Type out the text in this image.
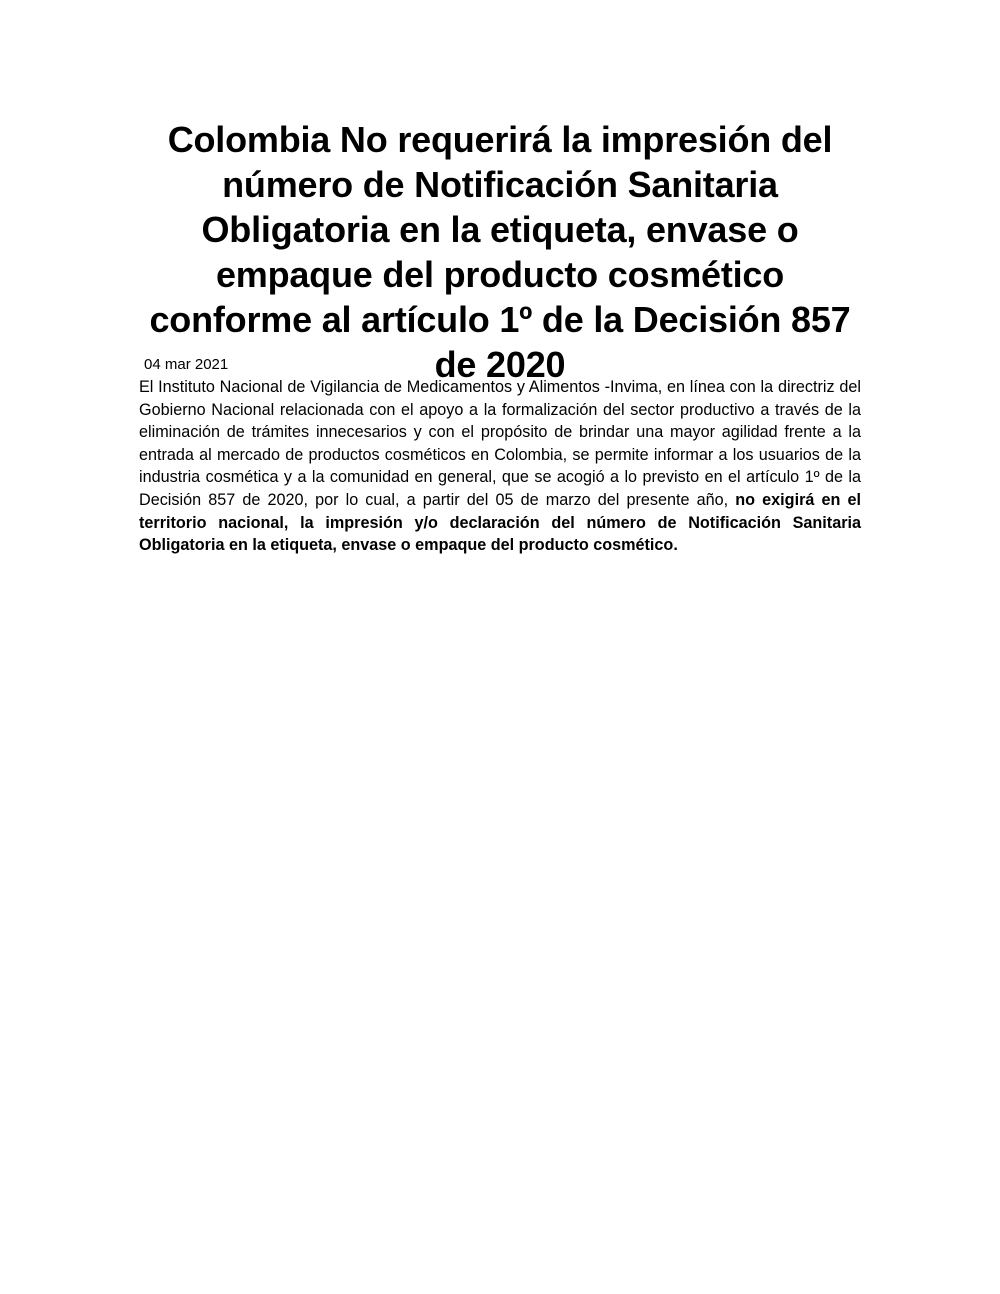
Colombia No requerirá la impresión del número de Notificación Sanitaria Obligatoria en la etiqueta, envase o empaque del producto cosmético conforme al artículo 1º de la Decisión 857 de 2020

04 mar 2021

El Instituto Nacional de Vigilancia de Medicamentos y Alimentos -Invima, en línea con la directriz del Gobierno Nacional relacionada con el apoyo a la formalización del sector productivo a través de la eliminación de trámites innecesarios y con el propósito de brindar una mayor agilidad frente a la entrada al mercado de productos cosméticos en Colombia, se permite informar a los usuarios de la industria cosmética y a la comunidad en general, que se acogió a lo previsto en el artículo 1º de la Decisión 857 de 2020, por lo cual, a partir del 05 de marzo del presente año, no exigirá en el territorio nacional, la impresión y/o declaración del número de Notificación Sanitaria Obligatoria en la etiqueta, envase o empaque del producto cosmético.
